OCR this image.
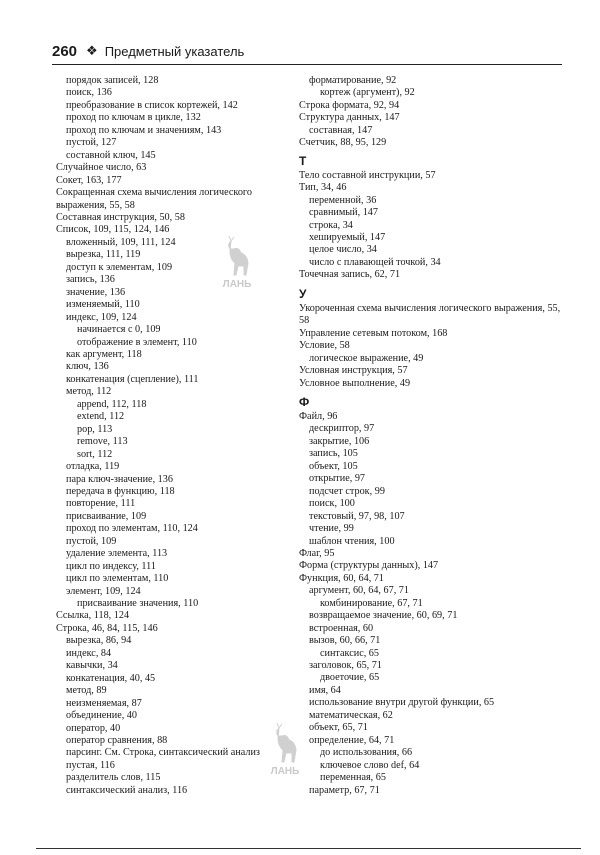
260 ❖ Предметный указатель
порядок записей, 128
поиск, 136
преобразование в список кортежей, 142
проход по ключам в цикле, 132
проход по ключам и значениям, 143
пустой, 127
составной ключ, 145
Случайное число, 63
Сокет, 163, 177
Сокращенная схема вычисления логического выражения, 55, 58
Составная инструкция, 50, 58
Список, 109, 115, 124, 146
вложенный, 109, 111, 124
вырезка, 111, 119
доступ к элементам, 109
запись, 136
значение, 136
изменяемый, 110
индекс, 109, 124
начинается с 0, 109
отображение в элемент, 110
как аргумент, 118
ключ, 136
конкатенация (сцепление), 111
метод, 112
append, 112, 118
extend, 112
pop, 113
remove, 113
sort, 112
отладка, 119
пара ключ-значение, 136
передача в функцию, 118
повторение, 111
присваивание, 109
проход по элементам, 110, 124
пустой, 109
удаление элемента, 113
цикл по индексу, 111
цикл по элементам, 110
элемент, 109, 124
присваивание значения, 110
Ссылка, 118, 124
Строка, 46, 84, 115, 146
вырезка, 86, 94
индекс, 84
кавычки, 34
конкатенация, 40, 45
метод, 89
неизменяемая, 87
объединение, 40
оператор, 40
оператор сравнения, 88
парсинг. См. Строка, синтаксический анализ
пустая, 116
разделитель слов, 115
синтаксический анализ, 116
форматирование, 92
кортеж (аргумент), 92
Строка формата, 92, 94
Структура данных, 147
составная, 147
Счетчик, 88, 95, 129
Т
Тело составной инструкции, 57
Тип, 34, 46
переменной, 36
сравнимый, 147
строка, 34
хешируемый, 147
целое число, 34
число с плавающей точкой, 34
Точечная запись, 62, 71
У
Укороченная схема вычисления логического выражения, 55, 58
Управление сетевым потоком, 168
Условие, 58
логическое выражение, 49
Условная инструкция, 57
Условное выполнение, 49
Ф
Файл, 96
дескриптор, 97
закрытие, 106
запись, 105
объект, 105
открытие, 97
подсчет строк, 99
поиск, 100
текстовый, 97, 98, 107
чтение, 99
шаблон чтения, 100
Флаг, 95
Форма (структуры данных), 147
Функция, 60, 64, 71
аргумент, 60, 64, 67, 71
комбинирование, 67, 71
возвращаемое значение, 60, 69, 71
встроенная, 60
вызов, 60, 66, 71
синтаксис, 65
заголовок, 65, 71
двоеточие, 65
имя, 64
использование внутри другой функции, 65
математическая, 62
объект, 65, 71
определение, 64, 71
до использования, 66
ключевое слово def, 64
переменная, 65
параметр, 67, 71
ЛАНЬ
ЛАНЬ
